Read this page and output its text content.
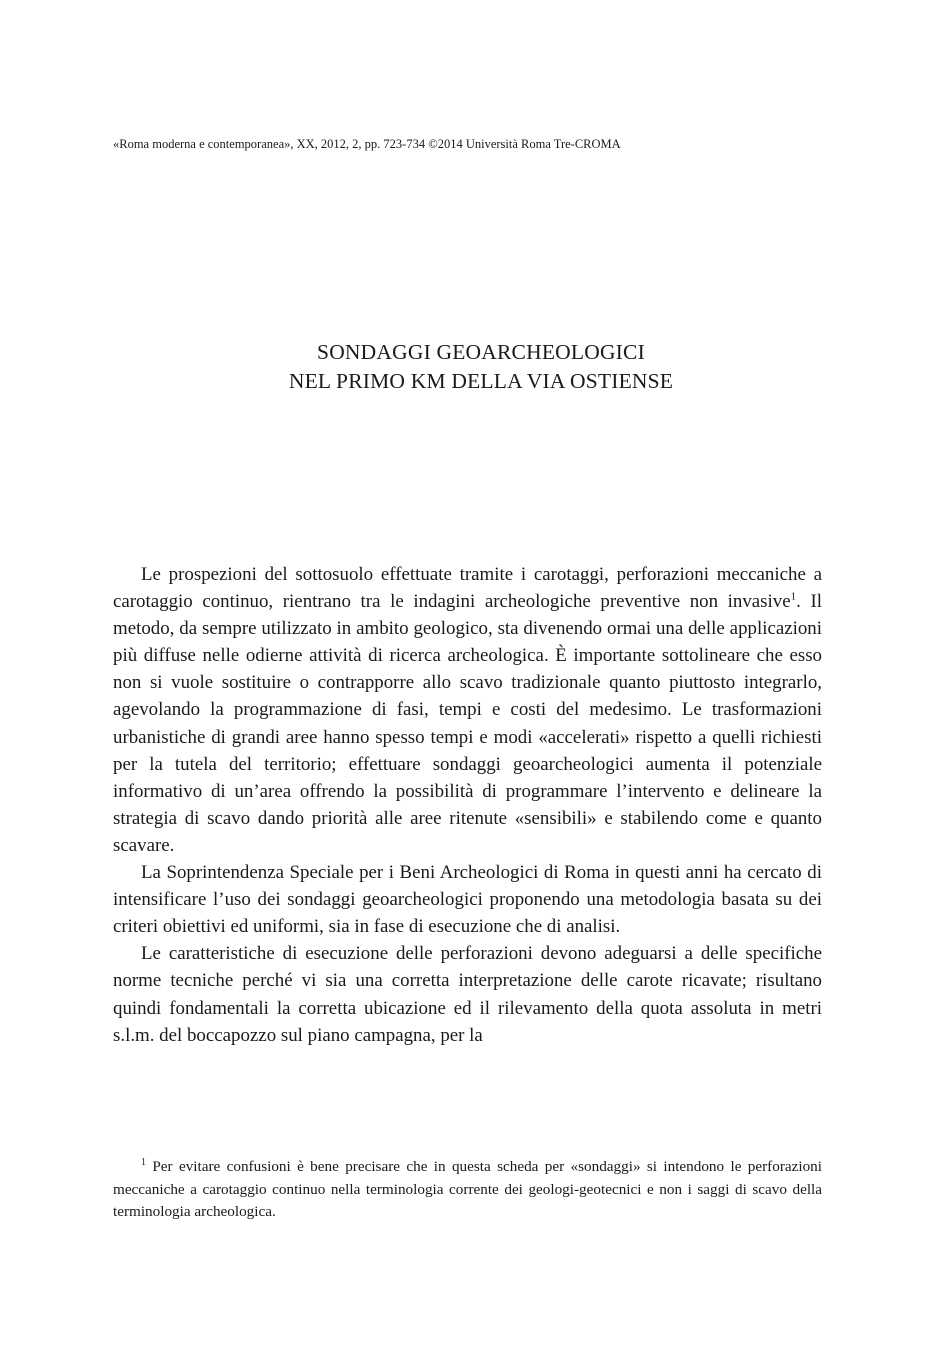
«Roma moderna e contemporanea», XX, 2012, 2, pp. 723-734 ©2014 Università Roma Tre-CROMA
SONDAGGI GEOARCHEOLOGICI
NEL PRIMO KM DELLA VIA OSTIENSE

Le prospezioni del sottosuolo effettuate tramite i carotaggi, perforazioni meccaniche a carotaggio continuo, rientrano tra le indagini archeologiche preventive non invasive$^1$. Il metodo, da sempre utilizzato in ambito geologico, sta divenendo ormai una delle applicazioni più diffuse nelle odierne attività di ricerca archeologica. È importante sottolineare che esso non si vuole sostituire o contrapporre allo scavo tradizionale quanto piuttosto integrarlo, agevolando la programmazione di fasi, tempi e costi del medesimo. Le trasformazioni urbanistiche di grandi aree hanno spesso tempi e modi «accelerati» rispetto a quelli richiesti per la tutela del territorio; effettuare sondaggi geoarcheologici aumenta il potenziale informativo di un’area offrendo la possibilità di programmare l’intervento e delineare la strategia di scavo dando priorità alle aree ritenute «sensibili» e stabilendo come e quanto scavare.

La Soprintendenza Speciale per i Beni Archeologici di Roma in questi anni ha cercato di intensificare l’uso dei sondaggi geoarcheologici proponendo una metodologia basata su dei criteri obiettivi ed uniformi, sia in fase di esecuzione che di analisi.

Le caratteristiche di esecuzione delle perforazioni devono adeguarsi a delle specifiche norme tecniche perché vi sia una corretta interpretazione delle carote ricavate; risultano quindi fondamentali la corretta ubicazione ed il rilevamento della quota assoluta in metri s.l.m. del boccapozzo sul piano campagna, per la

$^1$ Per evitare confusioni è bene precisare che in questa scheda per «sondaggi» si intendono le perforazioni meccaniche a carotaggio continuo nella terminologia corrente dei geologi-geotecnici e non i saggi di scavo della terminologia archeologica.
